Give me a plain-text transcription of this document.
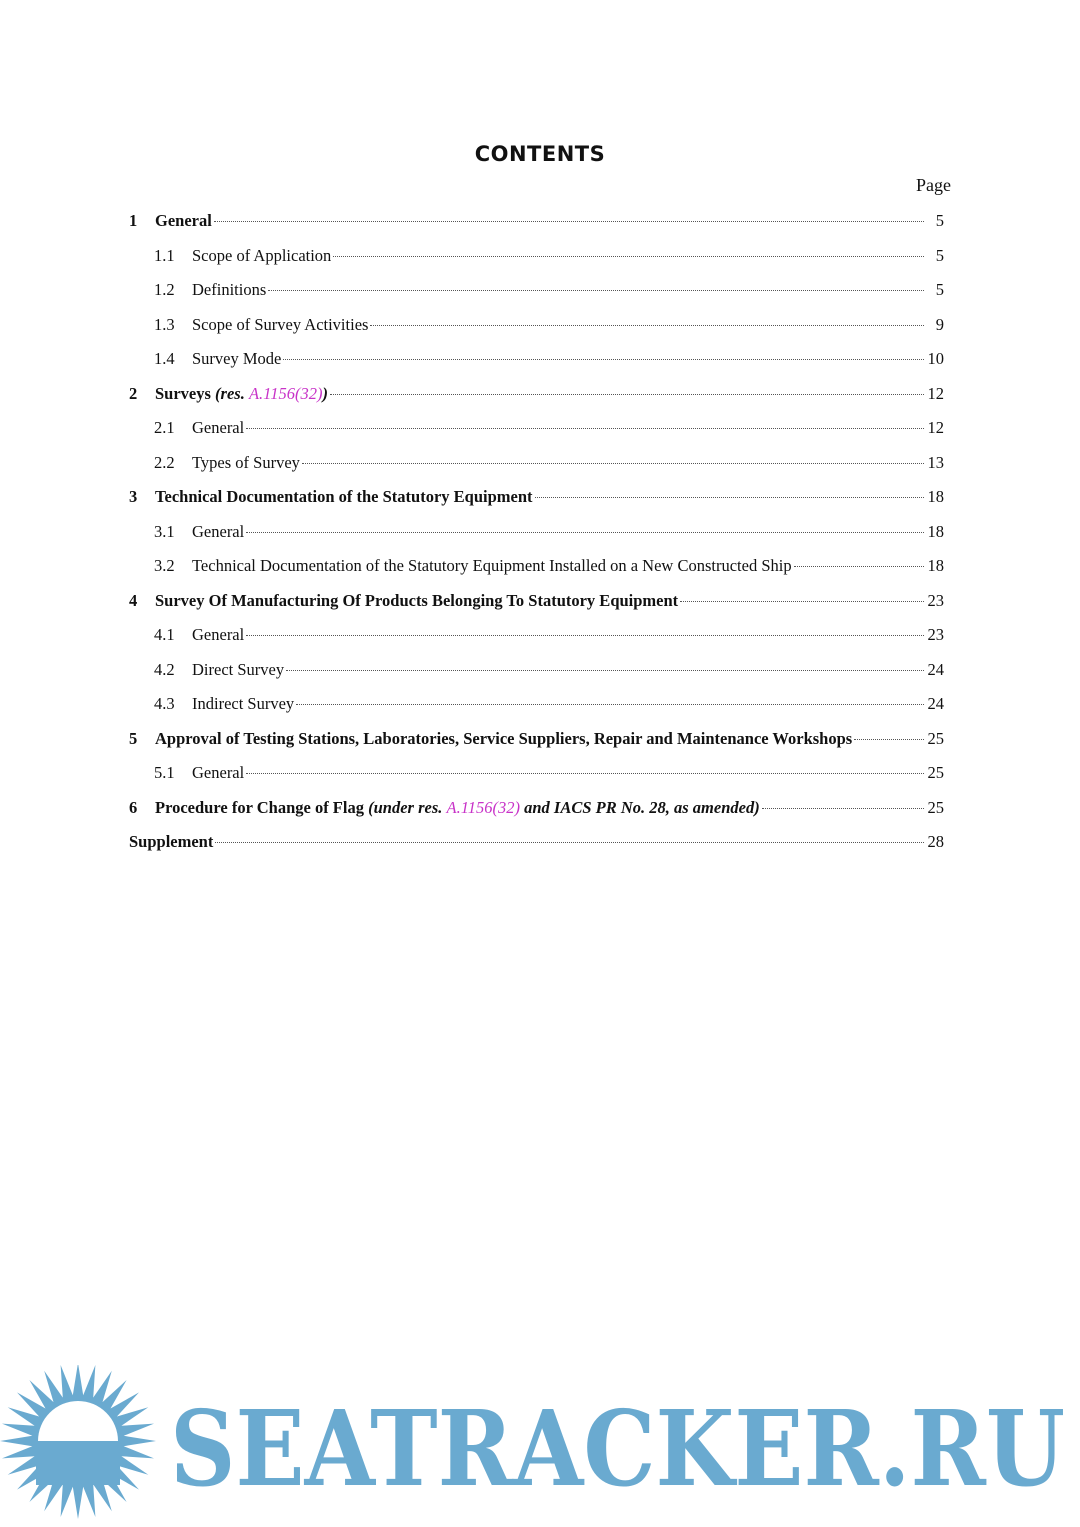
CONTENTS
Page
1	General	5
1.1	Scope of Application	5
1.2	Definitions	5
1.3	Scope of Survey Activities	9
1.4	Survey Mode	10
2	Surveys (res. A.1156(32))	12
2.1	General	12
2.2	Types of Survey	13
3	Technical Documentation of the Statutory Equipment	18
3.1	General	18
3.2	Technical Documentation of the Statutory Equipment Installed on a New Constructed Ship	18
4	Survey Of Manufacturing Of Products Belonging To Statutory Equipment	23
4.1	General	23
4.2	Direct Survey	24
4.3	Indirect Survey	24
5	Approval of Testing Stations, Laboratories, Service Suppliers, Repair and Maintenance Workshops	25
5.1	General	25
6	Procedure for Change of Flag (under res. A.1156(32) and IACS PR No. 28, as amended)	25
Supplement	28
SEATRACKER.RU
